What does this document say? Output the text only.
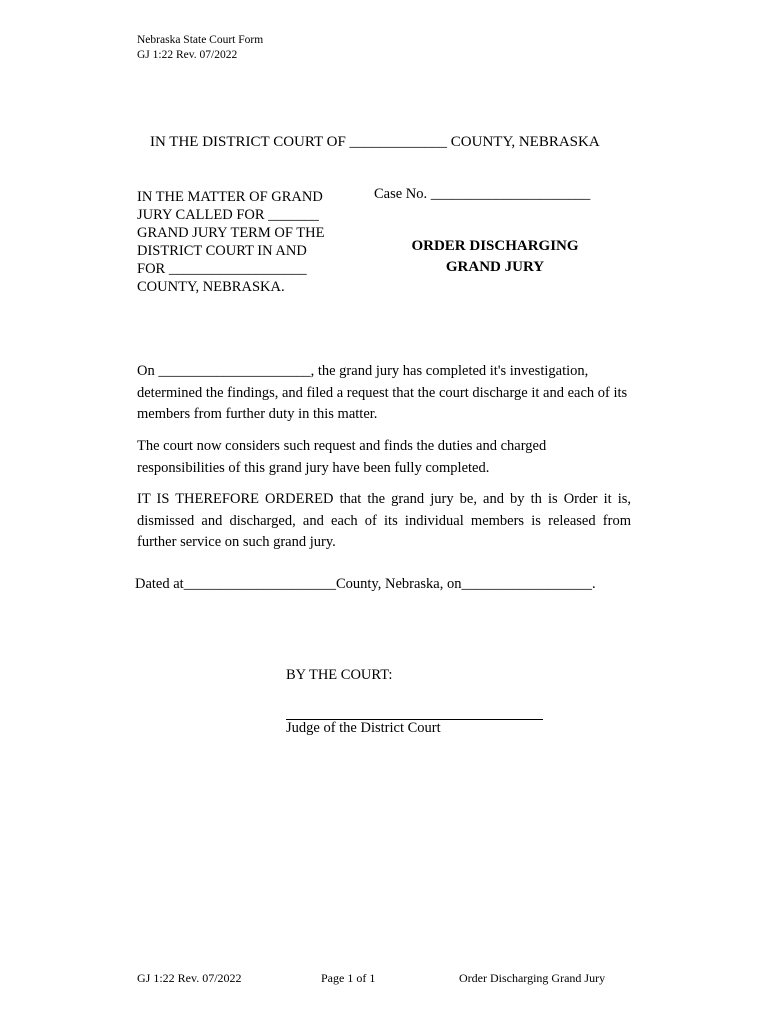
Nebraska State Court Form
GJ 1:22 Rev. 07/2022
IN THE DISTRICT COURT OF _____________ COUNTY, NEBRASKA
IN THE MATTER OF GRAND
JURY CALLED FOR _______
GRAND JURY TERM OF THE
DISTRICT COURT IN AND
FOR ___________________
COUNTY, NEBRASKA.
Case No. ______________________
ORDER DISCHARGING
GRAND JURY
On _____________________, the grand jury has completed it's investigation, determined the findings, and filed a request that the court discharge it and each of its members from further duty in this matter.
The court now considers such request and finds the duties and charged responsibilities of this grand jury have been fully completed.
IT IS THEREFORE ORDERED that the grand jury be, and by th is Order it is, dismissed and discharged, and each of its individual members is released from further service on such grand jury.
Dated at_____________________County, Nebraska, on__________________.
BY THE COURT:
Judge of the District Court
GJ 1:22 Rev. 07/2022	Page 1 of 1	Order Discharging Grand Jury
